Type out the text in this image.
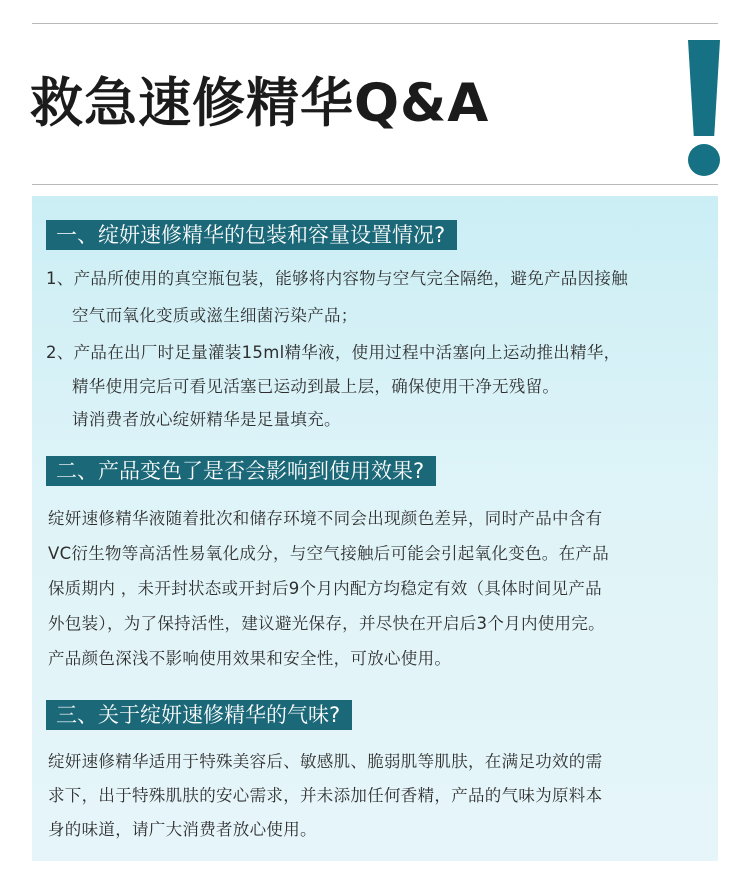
救急速修精华Q&A
一、绽妍速修精华的包装和容量设置情况?
1、产品所使用的真空瓶包装，能够将内容物与空气完全隔绝，避免产品因接触
空气而氧化变质或滋生细菌污染产品；
2、产品在出厂时足量灌装15ml精华液，使用过程中活塞向上运动推出精华，
精华使用完后可看见活塞已运动到最上层，确保使用干净无残留。
请消费者放心绽妍精华是足量填充。
二、产品变色了是否会影响到使用效果?
绽妍速修精华液随着批次和储存环境不同会出现颜色差异，同时产品中含有
VC衍生物等高活性易氧化成分，与空气接触后可能会引起氧化变色。在产品
保质期内 ，未开封状态或开封后9个月内配方均稳定有效（具体时间见产品
外包装），为了保持活性，建议避光保存，并尽快在开启后3个月内使用完。
产品颜色深浅不影响使用效果和安全性，可放心使用。
三、关于绽妍速修精华的气味?
绽妍速修精华适用于特殊美容后、敏感肌、脆弱肌等肌肤，在满足功效的需
求下，出于特殊肌肤的安心需求，并未添加任何香精，产品的气味为原料本
身的味道，请广大消费者放心使用。
